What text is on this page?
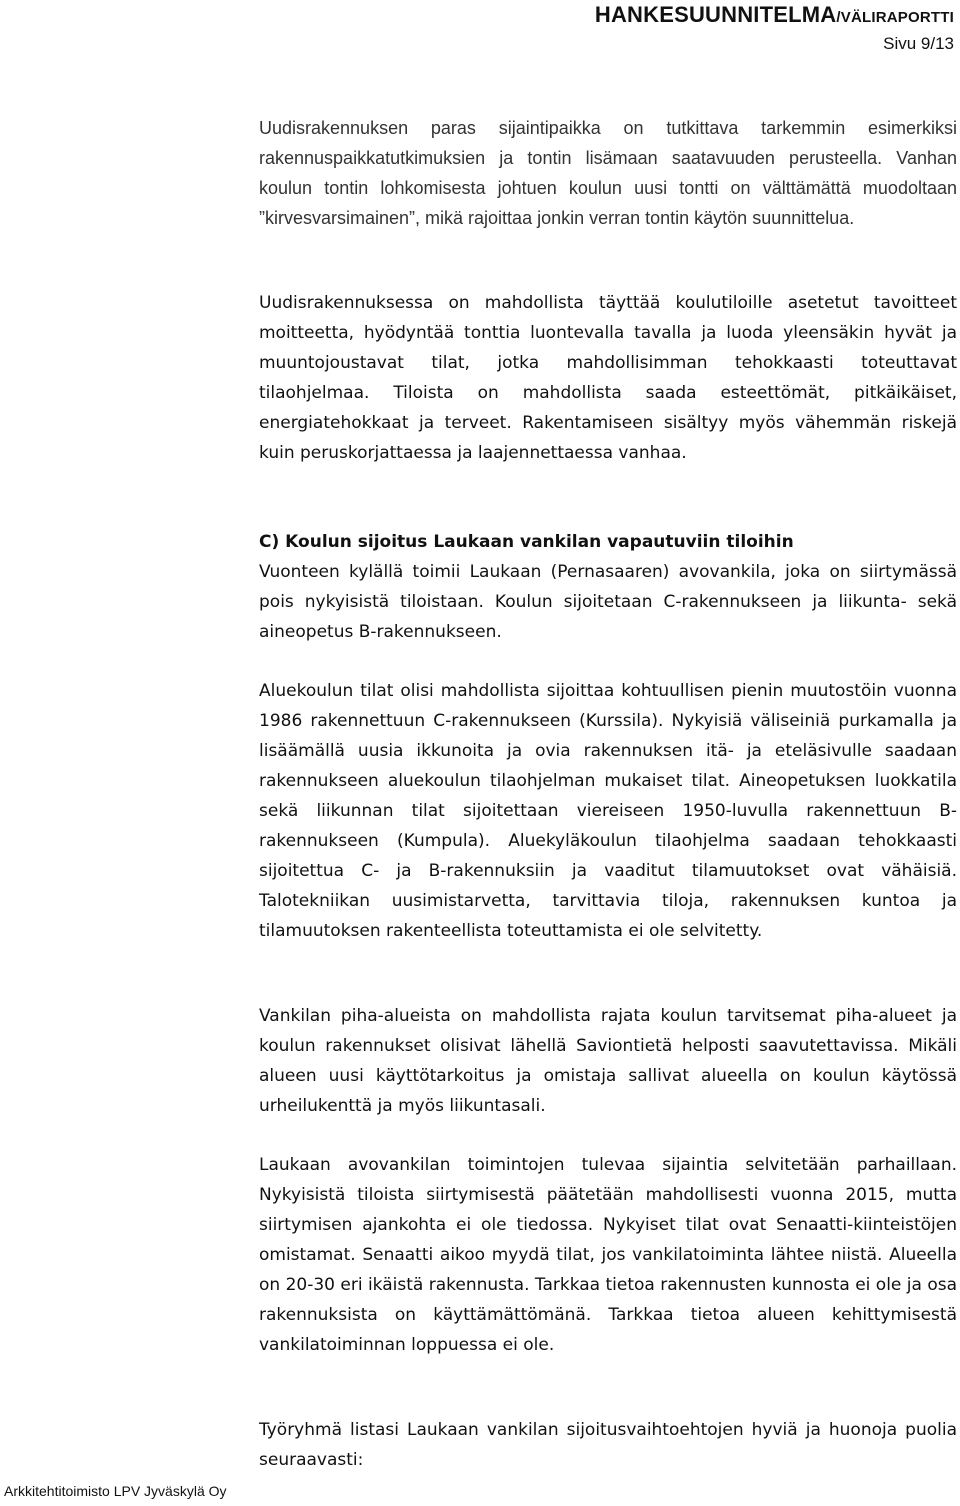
HANKESUUNNITELMA/VÄLIRAPORTTI
Sivu 9/13

Uudisrakennuksen paras sijaintipaikka on tutkittava tarkemmin esimerkiksi rakennuspaikkatutkimuksien ja tontin lisämaan saatavuuden perusteella. Vanhan koulun tontin lohkomisesta johtuen koulun uusi tontti on välttämättä muodoltaan ”kirvesvarsimainen”, mikä rajoittaa jonkin verran tontin käytön suunnittelua.

Uudisrakennuksessa on mahdollista täyttää koulutiloille asetetut tavoitteet moitteetta, hyödyntää tonttia luontevalla tavalla ja luoda yleensäkin hyvät ja muuntojoustavat tilat, jotka mahdollisimman tehokkaasti toteuttavat tilaohjelmaa. Tiloista on mahdollista saada esteettömät, pitkäikäiset, energiatehokkaat ja terveet. Rakentamiseen sisältyy myös vähemmän riskejä kuin peruskorjattaessa ja laajennettaessa vanhaa.

C) Koulun sijoitus Laukaan vankilan vapautuviin tiloihin

Vuonteen kylällä toimii Laukaan (Pernasaaren) avovankila, joka on siirtymässä pois nykyisistä tiloistaan. Koulun sijoitetaan C-rakennukseen ja liikunta- sekä aineopetus B-rakennukseen.

Aluekoulun tilat olisi mahdollista sijoittaa kohtuullisen pienin muutostöin vuonna 1986 rakennettuun C-rakennukseen (Kurssila). Nykyisiä väliseiniä purkamalla ja lisäämällä uusia ikkunoita ja ovia rakennuksen itä- ja eteläsivulle saadaan rakennukseen aluekoulun tilaohjelman mukaiset tilat. Aineopetuksen luokkatila sekä liikunnan tilat sijoitettaan viereiseen 1950-luvulla rakennettuun B- rakennukseen (Kumpula). Aluekyläkoulun tilaohjelma saadaan tehokkaasti sijoitettua C- ja B-rakennuksiin ja vaaditut tilamuutokset ovat vähäisiä. Talotekniikan uusimistarvetta, tarvittavia tiloja, rakennuksen kuntoa ja tilamuutoksen rakenteellista toteuttamista ei ole selvitetty.

Vankilan piha-alueista on mahdollista rajata koulun tarvitsemat piha-alueet ja koulun rakennukset olisivat lähellä Saviontietä helposti saavutettavissa. Mikäli alueen uusi käyttötarkoitus ja omistaja sallivat alueella on koulun käytössä urheilukenttä ja myös liikuntasali.

Laukaan avovankilan toimintojen tulevaa sijaintia selvitetään parhaillaan. Nykyisistä tiloista siirtymisestä päätetään mahdollisesti vuonna 2015, mutta siirtymisen ajankohta ei ole tiedossa. Nykyiset tilat ovat Senaatti-kiinteistöjen omistamat. Senaatti aikoo myydä tilat, jos vankilatoiminta lähtee niistä. Alueella on 20-30 eri ikäistä rakennusta. Tarkkaa tietoa rakennusten kunnosta ei ole ja osa rakennuksista on käyttämättömänä. Tarkkaa tietoa alueen kehittymisestä vankilatoiminnan loppuessa ei ole.

Työryhmä listasi Laukaan vankilan sijoitusvaihtoehtojen hyviä ja huonoja puolia seuraavasti:

Arkkitehtitoimisto LPV Jyväskylä Oy
